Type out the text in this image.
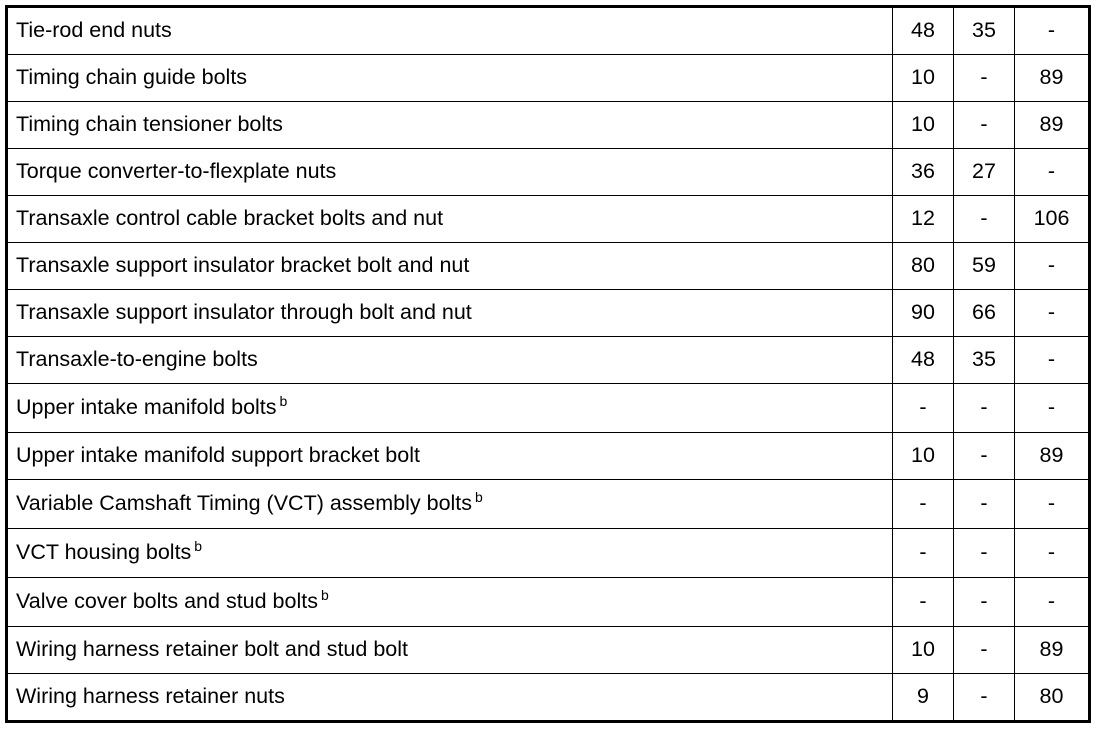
Tie-rod end nuts	48	35	-
Timing chain guide bolts	10	-	89
Timing chain tensioner bolts	10	-	89
Torque converter-to-flexplate nuts	36	27	-
Transaxle control cable bracket bolts and nut	12	-	106
Transaxle support insulator bracket bolt and nut	80	59	-
Transaxle support insulator through bolt and nut	90	66	-
Transaxle-to-engine bolts	48	35	-
Upper intake manifold bolts $^b$	-	-	-
Upper intake manifold support bracket bolt	10	-	89
Variable Camshaft Timing (VCT) assembly bolts $^b$	-	-	-
VCT housing bolts $^b$	-	-	-
Valve cover bolts and stud bolts $^b$	-	-	-
Wiring harness retainer bolt and stud bolt	10	-	89
Wiring harness retainer nuts	9	-	80
